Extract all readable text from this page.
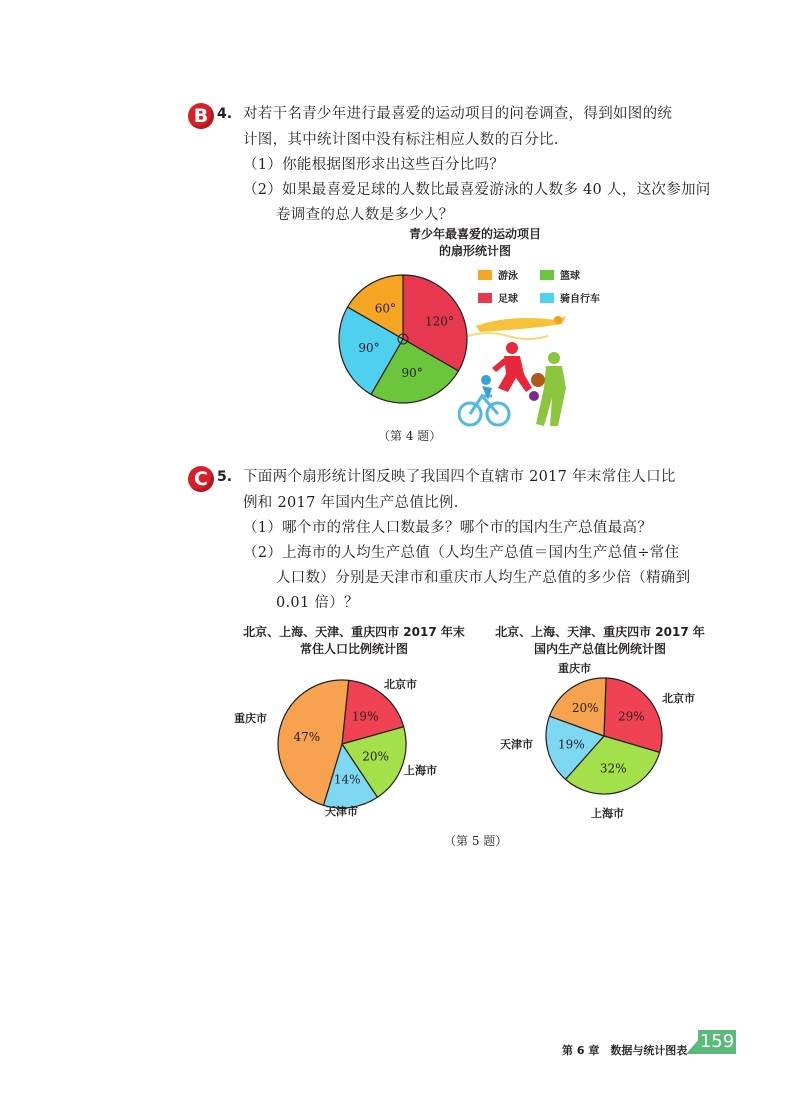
B 4. 对若干名青少年进行最喜爱的运动项目的问卷调查，得到如图的统
计图，其中统计图中没有标注相应人数的百分比.
（1）你能根据图形求出这些百分比吗？
（2）如果最喜爱足球的人数比最喜爱游泳的人数多 40 人，这次参加问
卷调查的总人数是多少人？
青少年最喜爱的运动项目
的扇形统计图
游泳	篮球
足球	骑自行车
120°
90°
90°
60°
（第 4 题）
C 5. 下面两个扇形统计图反映了我国四个直辖市 2017 年末常住人口比
例和 2017 年国内生产总值比例.
（1）哪个市的常住人口数最多？哪个市的国内生产总值最高？
（2）上海市的人均生产总值（人均生产总值＝国内生产总值÷常住
人口数）分别是天津市和重庆市人均生产总值的多少倍（精确到
0.01 倍）？
北京、上海、天津、重庆四市 2017 年末
常住人口比例统计图
北京、上海、天津、重庆四市 2017 年
国内生产总值比例统计图
19%
20%
14%
47%
重庆市
北京市
上海市
天津市
29%
32%
19%
20%
重庆市
北京市
天津市
上海市
（第 5 题）
第 6 章　数据与统计图表 159
